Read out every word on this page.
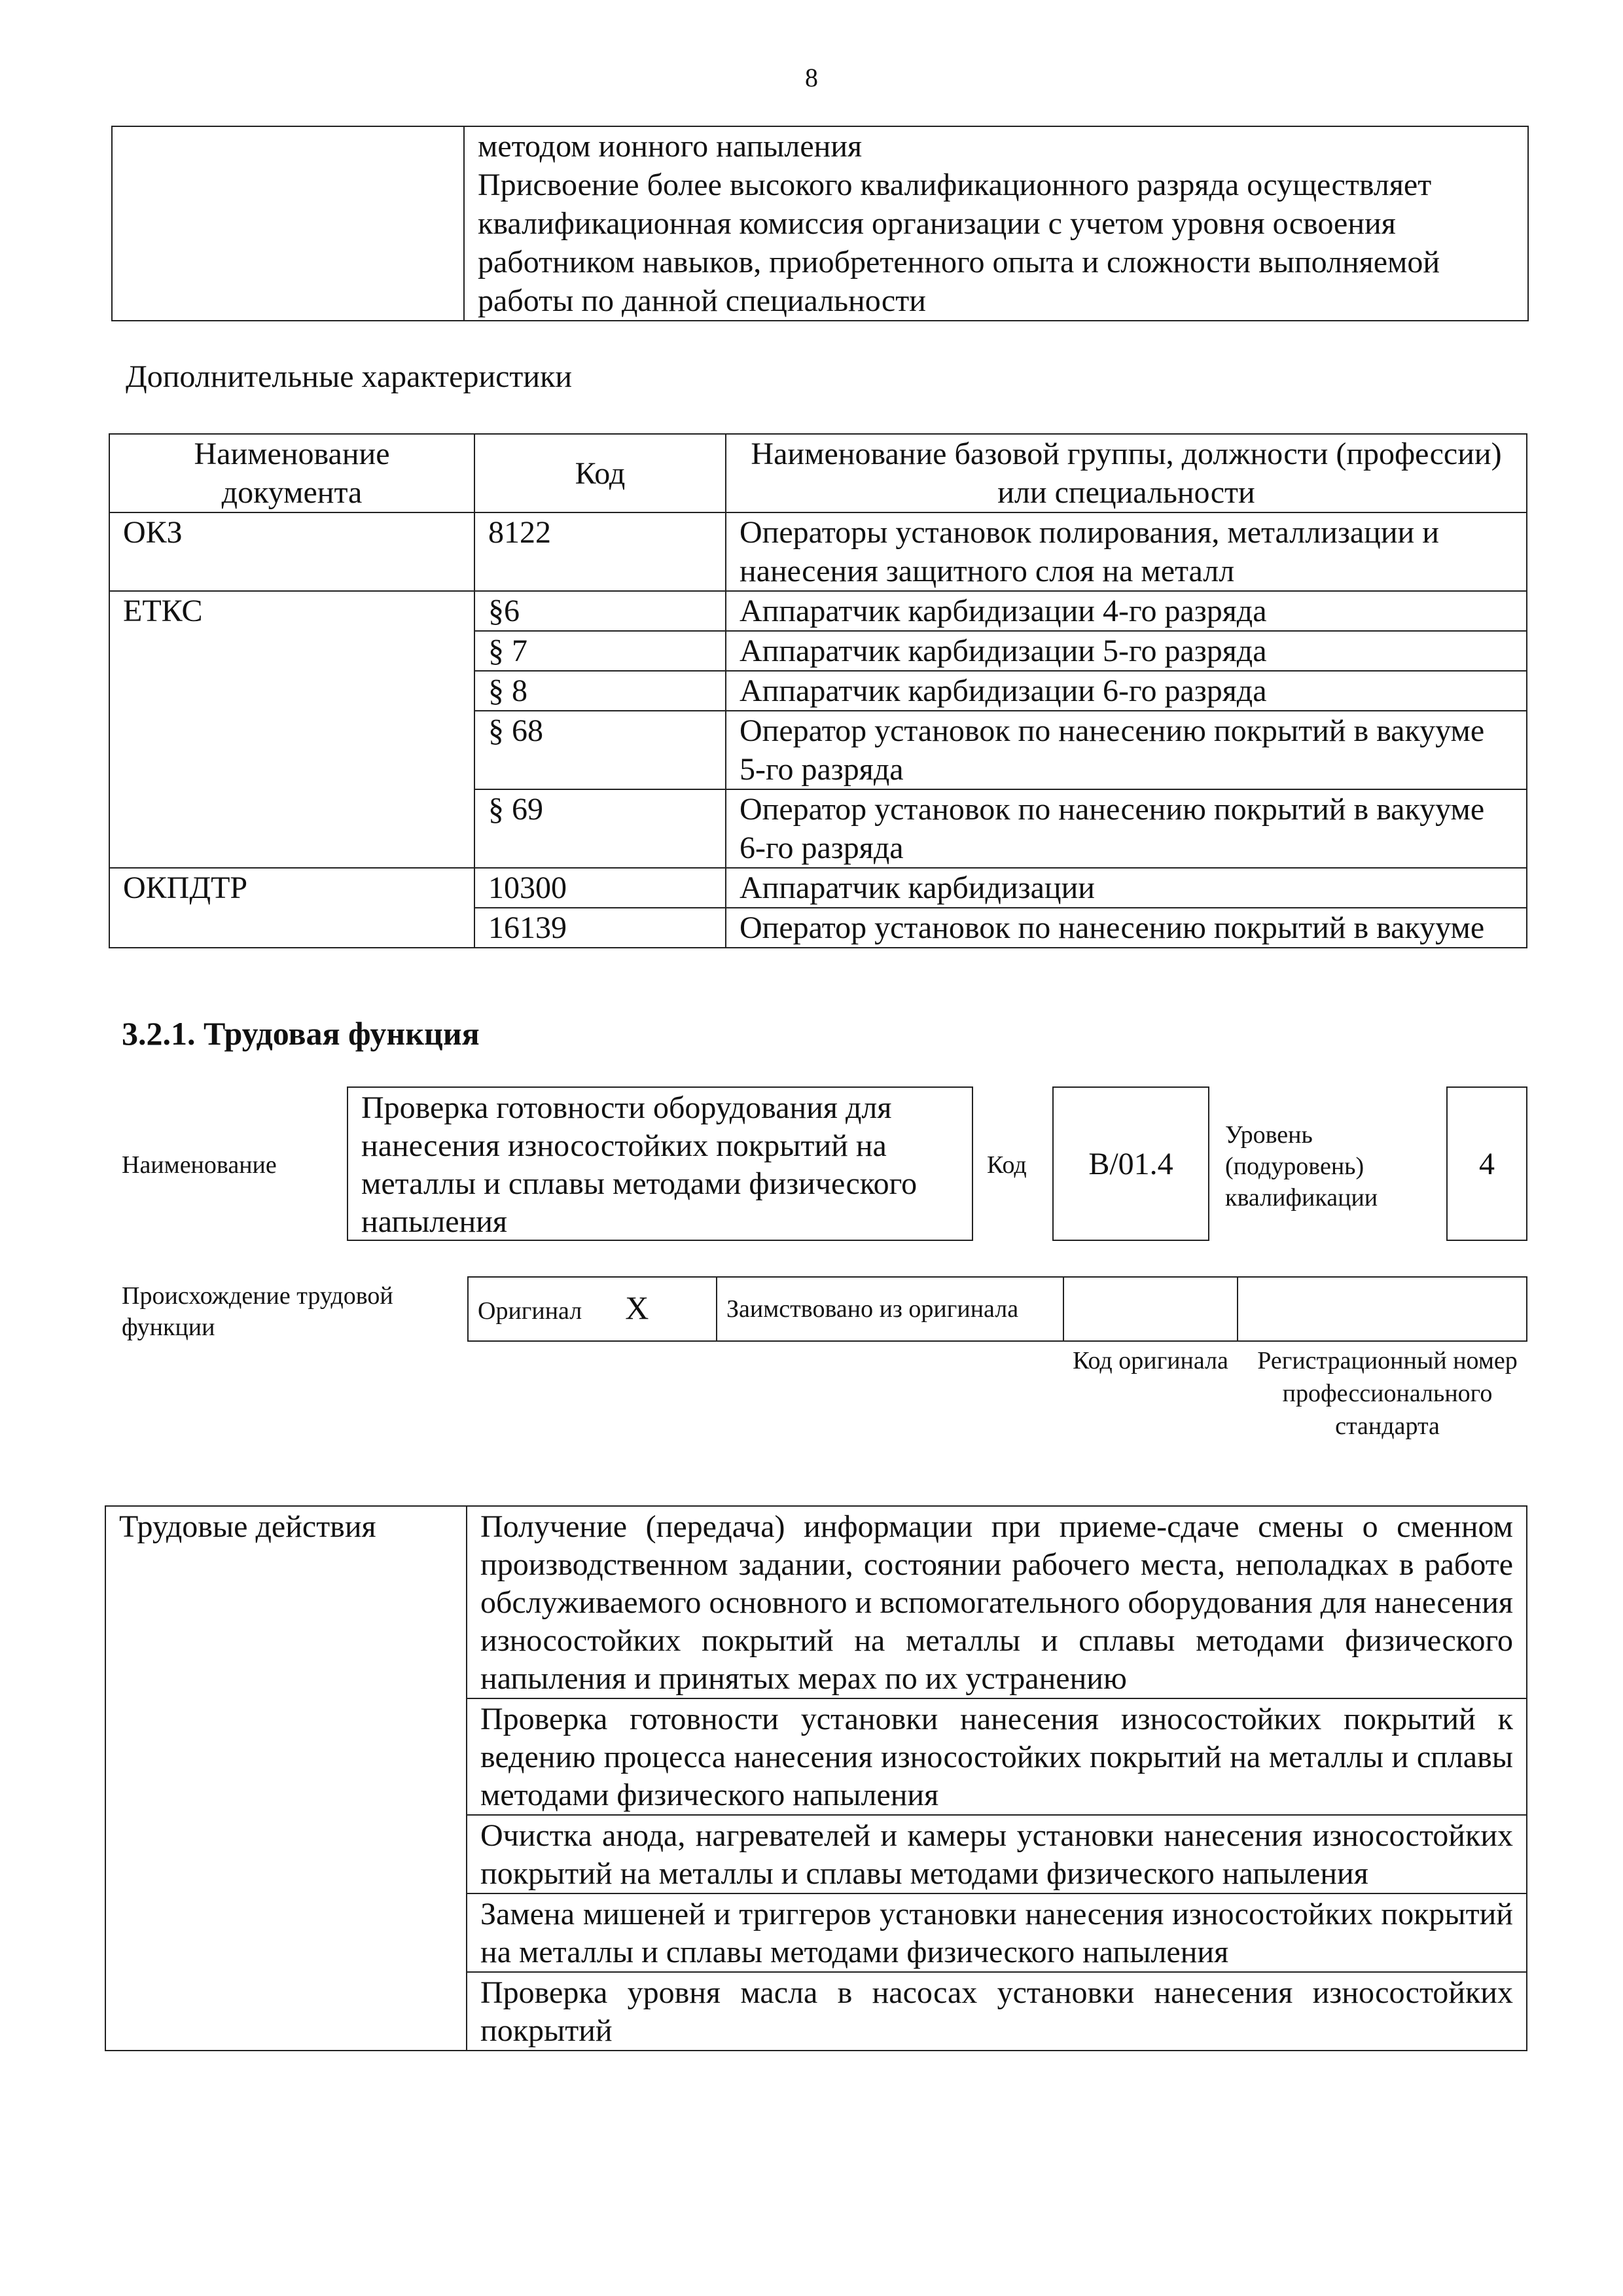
8
	методом ионного напыления
Присвоение более высокого квалификационного разряда осуществляет квалификационная комиссия организации с учетом уровня освоения работником навыков, приобретенного опыта и сложности выполняемой работы по данной специальности
Дополнительные характеристики
Наименование документа	Код	Наименование базовой группы, должности (профессии) или специальности
ОКЗ	8122	Операторы установок полирования, металлизации и нанесения защитного слоя на металл
ЕТКС	§6	Аппаратчик карбидизации 4-го разряда
	§ 7	Аппаратчик карбидизации 5-го разряда
	§ 8	Аппаратчик карбидизации 6-го разряда
	§ 68	Оператор установок по нанесению покрытий в вакууме 5-го разряда
	§ 69	Оператор установок по нанесению покрытий в вакууме 6-го разряда
ОКПДТР	10300	Аппаратчик карбидизации
	16139	Оператор установок по нанесению покрытий в вакууме
3.2.1. Трудовая функция
Наименование
Проверка готовности оборудования для нанесения износостойких покрытий на металлы и сплавы методами физического напыления
Код	B/01.4
Уровень (подуровень) квалификации
4
Происхождение трудовой функции
Оригинал X	Заимствовано из оригинала		
Код оригинала	Регистрационный номер профессионального стандарта
Трудовые действия	Получение (передача) информации при приеме-сдаче смены о сменном производственном задании, состоянии рабочего места, неполадках в работе обслуживаемого основного и вспомогательного оборудования для нанесения износостойких покрытий на металлы и сплавы методами физического напыления и принятых мерах по их устранению
Проверка готовности установки нанесения износостойких покрытий к ведению процесса нанесения износостойких покрытий на металлы и сплавы методами физического напыления
Очистка анода, нагревателей и камеры установки нанесения износостойких покрытий на металлы и сплавы методами физического напыления
Замена мишеней и триггеров установки нанесения износостойких покрытий на металлы и сплавы методами физического напыления
Проверка уровня масла в насосах установки нанесения износостойких покрытий
